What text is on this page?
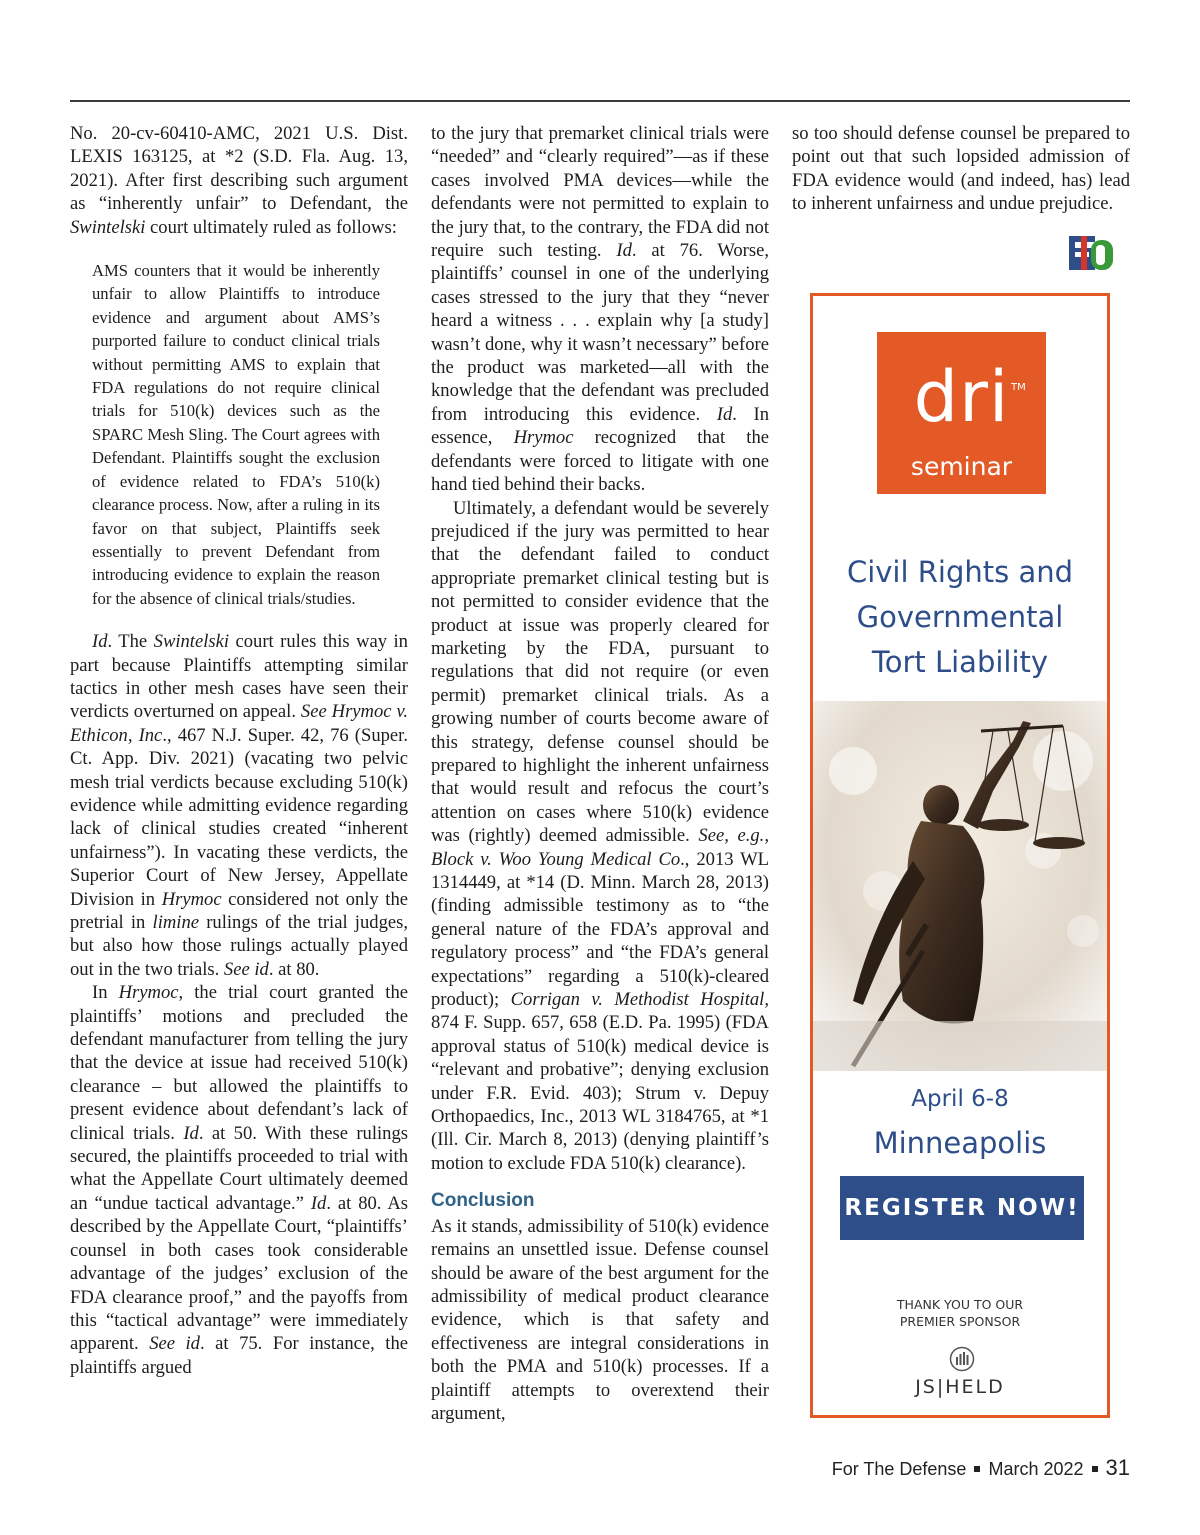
No. 20-cv-60410-AMC, 2021 U.S. Dist. LEXIS 163125, at *2 (S.D. Fla. Aug. 13, 2021). After first describing such argument as “inherently unfair” to Defendant, the Swintelski court ultimately ruled as follows:

AMS counters that it would be inherently unfair to allow Plaintiffs to introduce evidence and argument about AMS’s purported failure to conduct clinical trials without permitting AMS to explain that FDA regulations do not require clinical trials for 510(k) devices such as the SPARC Mesh Sling. The Court agrees with Defendant. Plaintiffs sought the exclusion of evidence related to FDA’s 510(k) clearance process. Now, after a ruling in its favor on that subject, Plaintiffs seek essentially to prevent Defendant from introducing evidence to explain the reason for the absence of clinical trials/studies.

Id. The Swintelski court rules this way in part because Plaintiffs attempting similar tactics in other mesh cases have seen their verdicts overturned on appeal. See Hrymoc v. Ethicon, Inc., 467 N.J. Super. 42, 76 (Super. Ct. App. Div. 2021) (vacating two pelvic mesh trial verdicts because excluding 510(k) evidence while admitting evidence regarding lack of clinical studies created “inherent unfairness”). In vacating these verdicts, the Superior Court of New Jersey, Appellate Division in Hrymoc considered not only the pretrial in limine rulings of the trial judges, but also how those rulings actually played out in the two trials. See id. at 80.

In Hrymoc, the trial court granted the plaintiffs’ motions and precluded the defendant manufacturer from telling the jury that the device at issue had received 510(k) clearance – but allowed the plaintiffs to present evidence about defendant’s lack of clinical trials. Id. at 50. With these rulings secured, the plaintiffs proceeded to trial with what the Appellate Court ultimately deemed an “undue tactical advantage.” Id. at 80. As described by the Appellate Court, “plaintiffs’ counsel in both cases took considerable advantage of the judges’ exclusion of the FDA clearance proof,” and the payoffs from this “tactical advantage” were immediately apparent. See id. at 75. For instance, the plaintiffs argued

to the jury that premarket clinical trials were “needed” and “clearly required”—as if these cases involved PMA devices—while the defendants were not permitted to explain to the jury that, to the contrary, the FDA did not require such testing. Id. at 76. Worse, plaintiffs’ counsel in one of the underlying cases stressed to the jury that they “never heard a witness . . . explain why [a study] wasn’t done, why it wasn’t necessary” before the product was marketed—all with the knowledge that the defendant was precluded from introducing this evidence. Id. In essence, Hrymoc recognized that the defendants were forced to litigate with one hand tied behind their backs.

Ultimately, a defendant would be severely prejudiced if the jury was permitted to hear that the defendant failed to conduct appropriate premarket clinical testing but is not permitted to consider evidence that the product at issue was properly cleared for marketing by the FDA, pursuant to regulations that did not require (or even permit) premarket clinical trials. As a growing number of courts become aware of this strategy, defense counsel should be prepared to highlight the inherent unfairness that would result and refocus the court’s attention on cases where 510(k) evidence was (rightly) deemed admissible. See, e.g., Block v. Woo Young Medical Co., 2013 WL 1314449, at *14 (D. Minn. March 28, 2013) (finding admissible testimony as to “the general nature of the FDA’s approval and regulatory process” and “the FDA’s general expectations” regarding a 510(k)-cleared product); Corrigan v. Methodist Hospital, 874 F. Supp. 657, 658 (E.D. Pa. 1995) (FDA approval status of 510(k) medical device is “relevant and probative”; denying exclusion under F.R. Evid. 403); Strum v. Depuy Orthopaedics, Inc., 2013 WL 3184765, at *1 (Ill. Cir. March 8, 2013) (denying plaintiff’s motion to exclude FDA 510(k) clearance).

Conclusion

As it stands, admissibility of 510(k) evidence remains an unsettled issue. Defense counsel should be aware of the best argument for the admissibility of medical product clearance evidence, which is that safety and effectiveness are integral considerations in both the PMA and 510(k) processes. If a plaintiff attempts to overextend their argument,

so too should defense counsel be prepared to point out that such lopsided admission of FDA evidence would (and indeed, has) lead to inherent unfairness and undue prejudice.

dri TM
seminar
Civil Rights and
Governmental
Tort Liability
April 6-8
Minneapolis
REGISTER NOW!
THANK YOU TO OUR
PREMIER SPONSOR
JS|HELD
For The Defense March 2022 31
